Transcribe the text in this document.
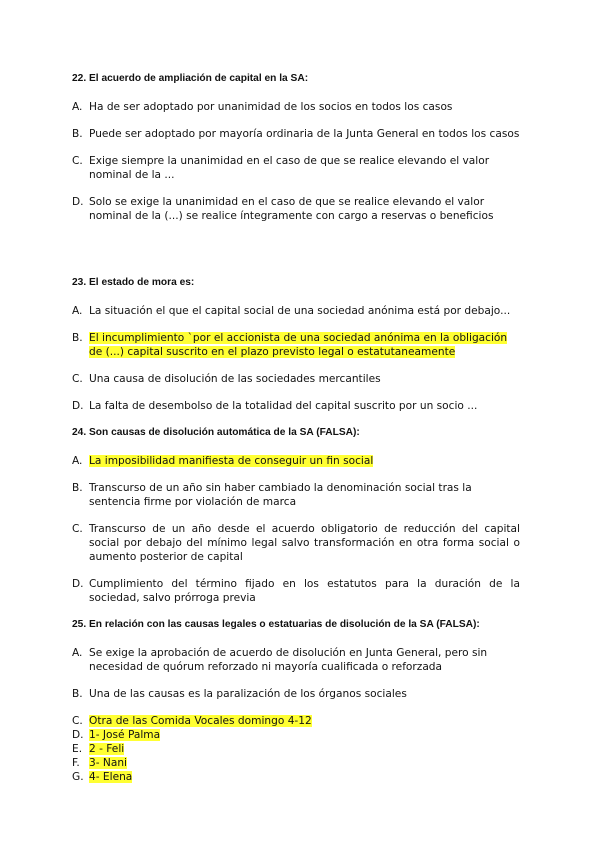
22. El acuerdo de ampliación de capital en la SA:
A. Ha de ser adoptado por unanimidad de los socios en todos los casos
B. Puede ser adoptado por mayoría ordinaria de la Junta General en todos los casos
C. Exige siempre la unanimidad en el caso de que se realice elevando el valor nominal de la ...
D. Solo se exige la unanimidad en el caso de que se realice elevando el valor nominal de la (...) se realice íntegramente con cargo a reservas o beneficios
23. El estado de mora es:
A. La situación el que el capital social de una sociedad anónima está por debajo...
B. El incumplimiento `por el accionista de una sociedad anónima en la obligación de (...) capital suscrito en el plazo previsto legal o estatutaneamente
C. Una causa de disolución de las sociedades mercantiles
D. La falta de desembolso de la totalidad del capital suscrito por un socio ...
24. Son causas de disolución automática de la SA (FALSA):
A. La imposibilidad manifiesta de conseguir un fin social
B. Transcurso de un año sin haber cambiado la denominación social tras la sentencia firme por violación de marca
C. Transcurso de un año desde el acuerdo obligatorio de reducción del capital social por debajo del mínimo legal salvo transformación en otra forma social o aumento posterior de capital
D. Cumplimiento del término fijado en los estatutos para la duración de la sociedad, salvo prórroga previa
25. En relación con las causas legales o estatuarias de disolución de la SA (FALSA):
A. Se exige la aprobación de acuerdo de disolución en Junta General, pero sin necesidad de quórum reforzado ni mayoría cualificada o reforzada
B. Una de las causas es la paralización de los órganos sociales
C. Otra de las Comida Vocales domingo 4-12
D. 1- José Palma
E. 2 - Feli
F. 3- Nani
G. 4- Elena
